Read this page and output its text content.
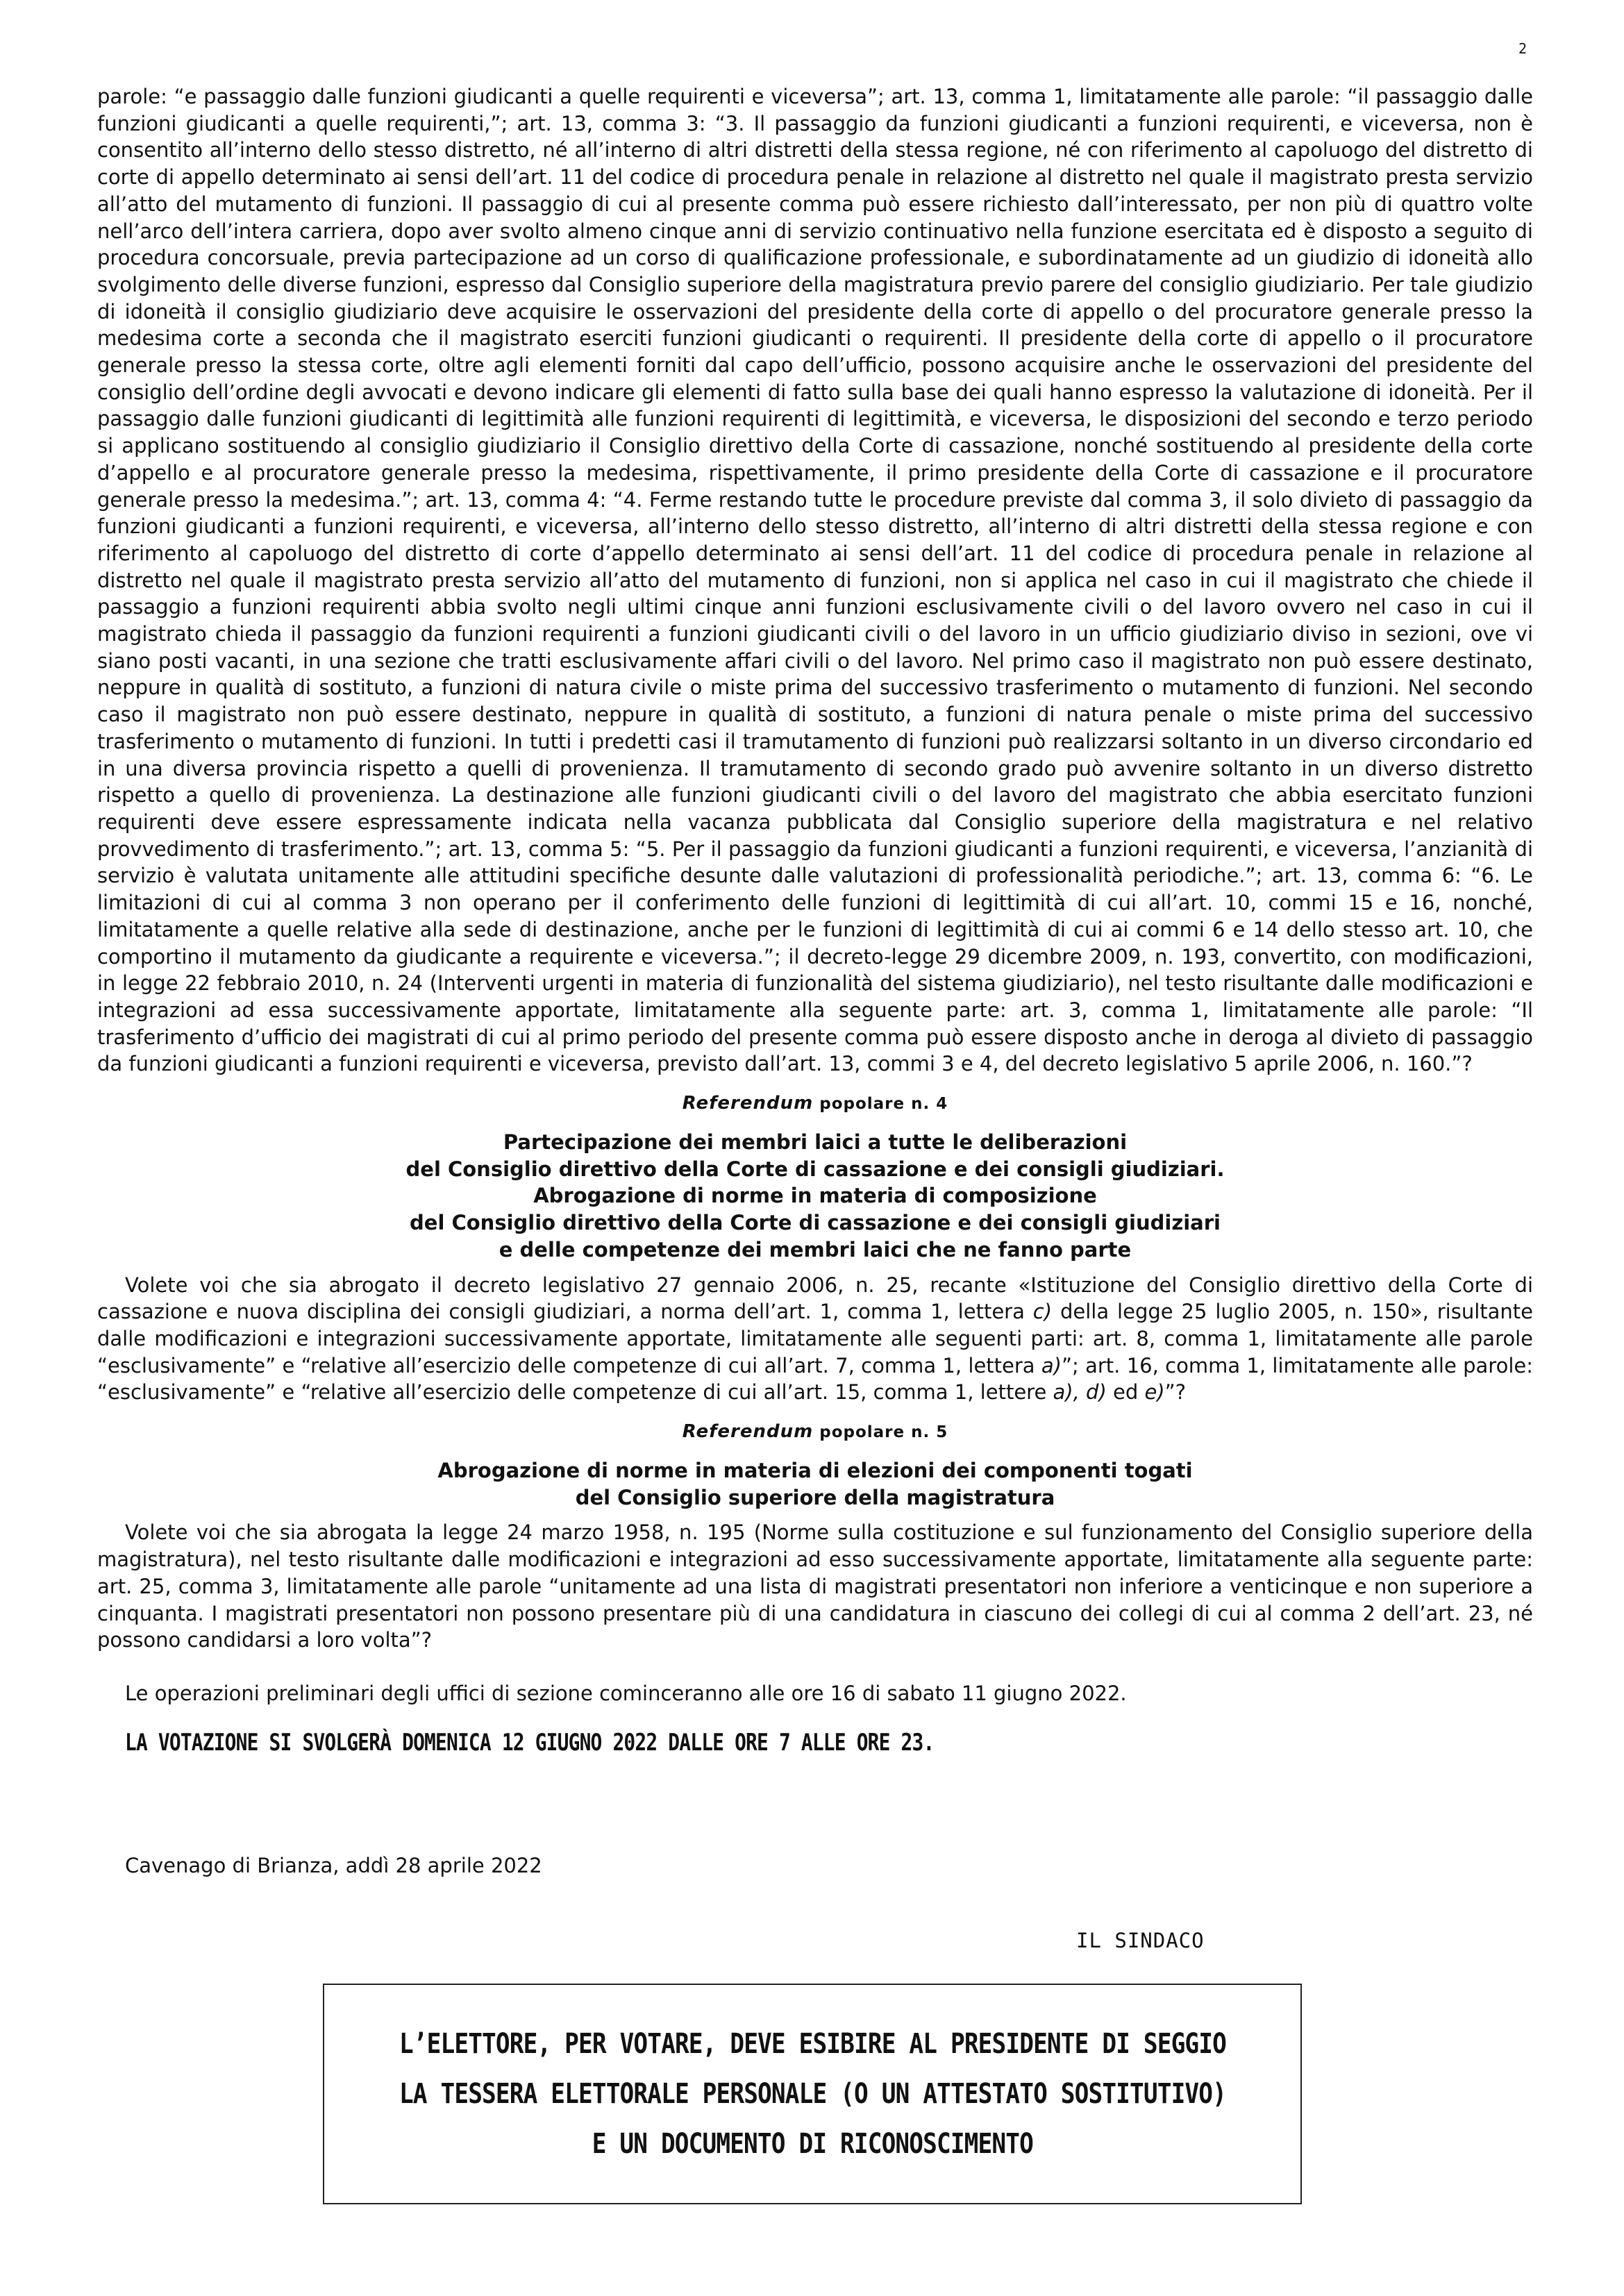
2

parole: “e passaggio dalle funzioni giudicanti a quelle requirenti e viceversa”; art. 13, comma 1, limitatamente alle parole: “il passaggio dalle funzioni giudicanti a quelle requirenti,”; art. 13, comma 3: “3. Il passaggio da funzioni giudicanti a funzioni requirenti, e viceversa, non è consentito all’interno dello stesso distretto, né all’interno di altri distretti della stessa regione, né con riferimento al capoluogo del distretto di corte di appello determinato ai sensi dell’art. 11 del codice di procedura penale in relazione al distretto nel quale il magistrato presta servizio all’atto del mutamento di funzioni. Il passaggio di cui al presente comma può essere richiesto dall’interessato, per non più di quattro volte nell’arco dell’intera carriera, dopo aver svolto almeno cinque anni di servizio continuativo nella funzione esercitata ed è disposto a seguito di procedura concorsuale, previa partecipazione ad un corso di qualificazione professionale, e subordinatamente ad un giudizio di idoneità allo svolgimento delle diverse funzioni, espresso dal Consiglio superiore della magistratura previo parere del consiglio giudiziario. Per tale giudizio di idoneità il consiglio giudiziario deve acquisire le osservazioni del presidente della corte di appello o del procuratore generale presso la medesima corte a seconda che il magistrato eserciti funzioni giudicanti o requirenti. Il presidente della corte di appello o il procuratore generale presso la stessa corte, oltre agli elementi forniti dal capo dell’ufficio, possono acquisire anche le osservazioni del presidente del consiglio dell’ordine degli avvocati e devono indicare gli elementi di fatto sulla base dei quali hanno espresso la valutazione di idoneità. Per il passaggio dalle funzioni giudicanti di legittimità alle funzioni requirenti di legittimità, e viceversa, le disposizioni del secondo e terzo periodo si applicano sostituendo al consiglio giudiziario il Consiglio direttivo della Corte di cassazione, nonché sostituendo al presidente della corte d’appello e al procuratore generale presso la medesima, rispettivamente, il primo presidente della Corte di cassazione e il procuratore generale presso la medesima.”; art. 13, comma 4: “4. Ferme restando tutte le procedure previste dal comma 3, il solo divieto di passaggio da funzioni giudicanti a funzioni requirenti, e viceversa, all’interno dello stesso distretto, all’interno di altri distretti della stessa regione e con riferimento al capoluogo del distretto di corte d’appello determinato ai sensi dell’art. 11 del codice di procedura penale in relazione al distretto nel quale il magistrato presta servizio all’atto del mutamento di funzioni, non si applica nel caso in cui il magistrato che chiede il passaggio a funzioni requirenti abbia svolto negli ultimi cinque anni funzioni esclusivamente civili o del lavoro ovvero nel caso in cui il magistrato chieda il passaggio da funzioni requirenti a funzioni giudicanti civili o del lavoro in un ufficio giudiziario diviso in sezioni, ove vi siano posti vacanti, in una sezione che tratti esclusivamente affari civili o del lavoro. Nel primo caso il magistrato non può essere destinato, neppure in qualità di sostituto, a funzioni di natura civile o miste prima del successivo trasferimento o mutamento di funzioni. Nel secondo caso il magistrato non può essere destinato, neppure in qualità di sostituto, a funzioni di natura penale o miste prima del successivo trasferimento o mutamento di funzioni. In tutti i predetti casi il tramutamento di funzioni può realizzarsi soltanto in un diverso circondario ed in una diversa provincia rispetto a quelli di provenienza. Il tramutamento di secondo grado può avvenire soltanto in un diverso distretto rispetto a quello di provenienza. La destinazione alle funzioni giudicanti civili o del lavoro del magistrato che abbia esercitato funzioni requirenti deve essere espressamente indicata nella vacanza pubblicata dal Consiglio superiore della magistratura e nel relativo provvedimento di trasferimento.”; art. 13, comma 5: “5. Per il passaggio da funzioni giudicanti a funzioni requirenti, e viceversa, l’anzianità di servizio è valutata unitamente alle attitudini specifiche desunte dalle valutazioni di professionalità periodiche.”; art. 13, comma 6: “6. Le limitazioni di cui al comma 3 non operano per il conferimento delle funzioni di legittimità di cui all’art. 10, commi 15 e 16, nonché, limitatamente a quelle relative alla sede di destinazione, anche per le funzioni di legittimità di cui ai commi 6 e 14 dello stesso art. 10, che comportino il mutamento da giudicante a requirente e viceversa.”; il decreto-legge 29 dicembre 2009, n. 193, convertito, con modificazioni, in legge 22 febbraio 2010, n. 24 (Interventi urgenti in materia di funzionalità del sistema giudiziario), nel testo risultante dalle modificazioni e integrazioni ad essa successivamente apportate, limitatamente alla seguente parte: art. 3, comma 1, limitatamente alle parole: “Il trasferimento d’ufficio dei magistrati di cui al primo periodo del presente comma può essere disposto anche in deroga al divieto di passaggio da funzioni giudicanti a funzioni requirenti e viceversa, previsto dall’art. 13, commi 3 e 4, del decreto legislativo 5 aprile 2006, n. 160.”?

Referendum popolare n. 4
Partecipazione dei membri laici a tutte le deliberazioni
del Consiglio direttivo della Corte di cassazione e dei consigli giudiziari.
Abrogazione di norme in materia di composizione
del Consiglio direttivo della Corte di cassazione e dei consigli giudiziari
e delle competenze dei membri laici che ne fanno parte

Volete voi che sia abrogato il decreto legislativo 27 gennaio 2006, n. 25, recante «Istituzione del Consiglio direttivo della Corte di cassazione e nuova disciplina dei consigli giudiziari, a norma dell’art. 1, comma 1, lettera c) della legge 25 luglio 2005, n. 150», risultante dalle modificazioni e integrazioni successivamente apportate, limitatamente alle seguenti parti: art. 8, comma 1, limitatamente alle parole “esclusivamente” e “relative all’esercizio delle competenze di cui all’art. 7, comma 1, lettera a)”; art. 16, comma 1, limitatamente alle parole: “esclusivamente” e “relative all’esercizio delle competenze di cui all’art. 15, comma 1, lettere a), d) ed e)”?

Referendum popolare n. 5
Abrogazione di norme in materia di elezioni dei componenti togati
del Consiglio superiore della magistratura

Volete voi che sia abrogata la legge 24 marzo 1958, n. 195 (Norme sulla costituzione e sul funzionamento del Consiglio superiore della magistratura), nel testo risultante dalle modificazioni e integrazioni ad esso successivamente apportate, limitatamente alla seguente parte: art. 25, comma 3, limitatamente alle parole “unitamente ad una lista di magistrati presentatori non inferiore a venticinque e non superiore a cinquanta. I magistrati presentatori non possono presentare più di una candidatura in ciascuno dei collegi di cui al comma 2 dell’art. 23, né possono candidarsi a loro volta”?

Le operazioni preliminari degli uffici di sezione cominceranno alle ore 16 di sabato 11 giugno 2022.
LA VOTAZIONE SI SVOLGERÀ DOMENICA 12 GIUGNO 2022 DALLE ORE 7 ALLE ORE 23.
Cavenago di Brianza, addì 28 aprile 2022
IL SINDACO
L’ELETTORE, PER VOTARE, DEVE ESIBIRE AL PRESIDENTE DI SEGGIO
LA TESSERA ELETTORALE PERSONALE (O UN ATTESTATO SOSTITUTIVO)
E UN DOCUMENTO DI RICONOSCIMENTO
